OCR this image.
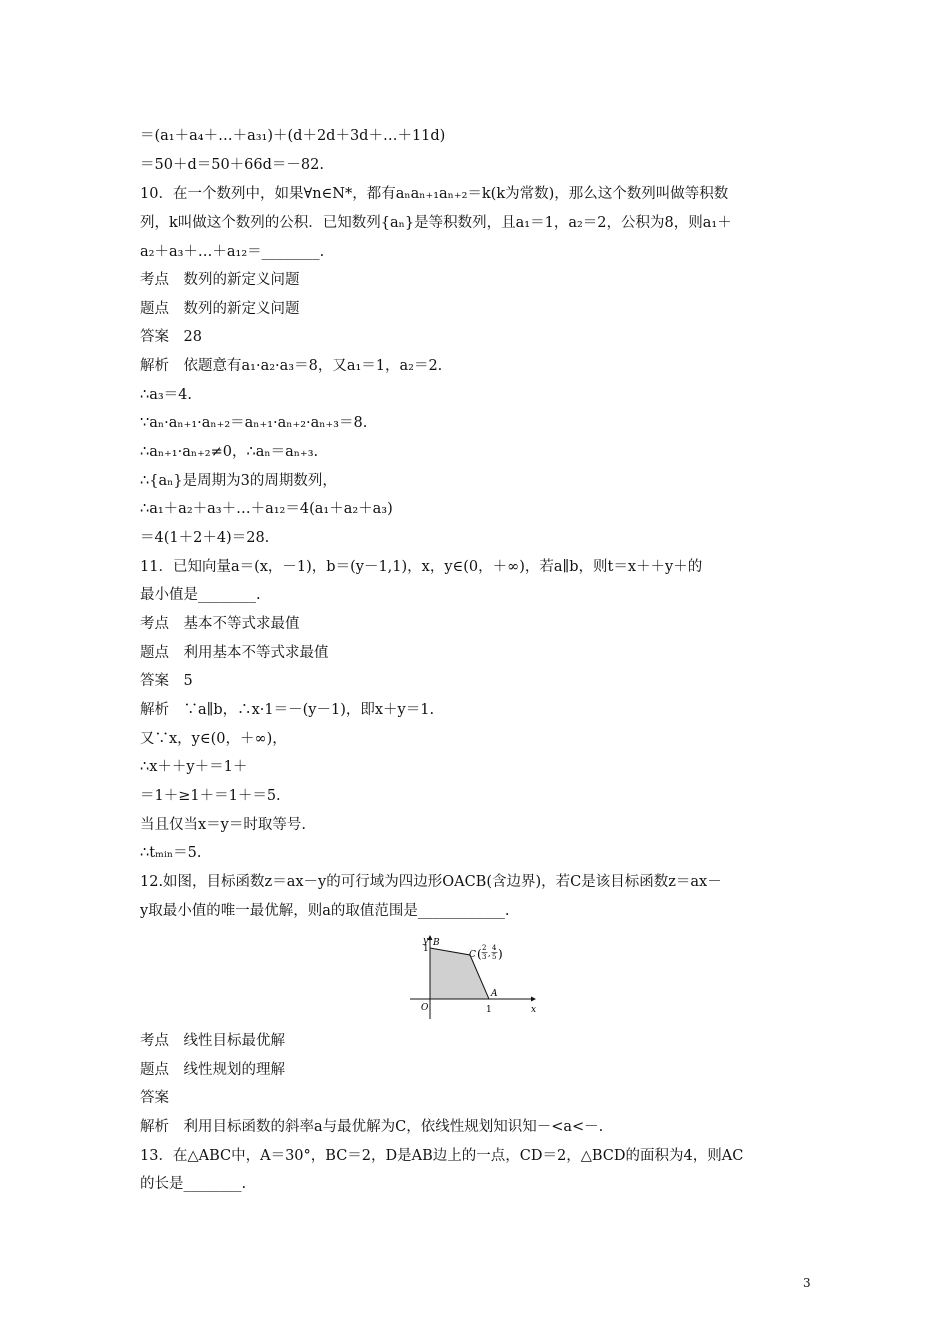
＝(a₁＋a₄＋…＋a₃₁)＋(d＋2d＋3d＋…＋11d)
＝50＋d＝50＋66d＝－82.
10．在一个数列中，如果∀n∈N*，都有aₙaₙ₊₁aₙ₊₂＝k(k为常数)，那么这个数列叫做等积数
列，k叫做这个数列的公积．已知数列{aₙ}是等积数列，且a₁＝1，a₂＝2，公积为8，则a₁＋
a₂＋a₃＋…＋a₁₂＝________.
考点　数列的新定义问题
题点　数列的新定义问题
答案　28
解析　依题意有a₁·a₂·a₃＝8，又a₁＝1，a₂＝2.
∴a₃＝4.
∵aₙ·aₙ₊₁·aₙ₊₂＝aₙ₊₁·aₙ₊₂·aₙ₊₃＝8.
∴aₙ₊₁·aₙ₊₂≠0，∴aₙ＝aₙ₊₃.
∴{aₙ}是周期为3的周期数列，
∴a₁＋a₂＋a₃＋…＋a₁₂＝4(a₁＋a₂＋a₃)
＝4(1＋2＋4)＝28.
11．已知向量a＝(x，－1)，b＝(y－1,1)，x，y∈(0，＋∞)，若a∥b，则t＝x＋＋y＋的
最小值是________.
考点　基本不等式求最值
题点　利用基本不等式求最值
答案　5
解析　∵a∥b，∴x·1＝－(y－1)，即x＋y＝1.
又∵x，y∈(0，＋∞)，
∴x＋＋y＋＝1＋
＝1＋≥1＋＝1＋＝5.
当且仅当x＝y＝时取等号.
∴tₘᵢₙ＝5.
12.如图，目标函数z＝ax－y的可行域为四边形OACB(含边界)，若C是该目标函数z＝ax－
y取最小值的唯一最优解，则a的取值范围是____________.
y
x
O
1
1
B
A
C ( 2
3 ,
4
5 )
考点　线性目标最优解
题点　线性规划的理解
答案
解析　利用目标函数的斜率a与最优解为C，依线性规划知识知－<a<－.
13．在△ABC中，A＝30°，BC＝2，D是AB边上的一点，CD＝2，△BCD的面积为4，则AC
的长是________.
3
